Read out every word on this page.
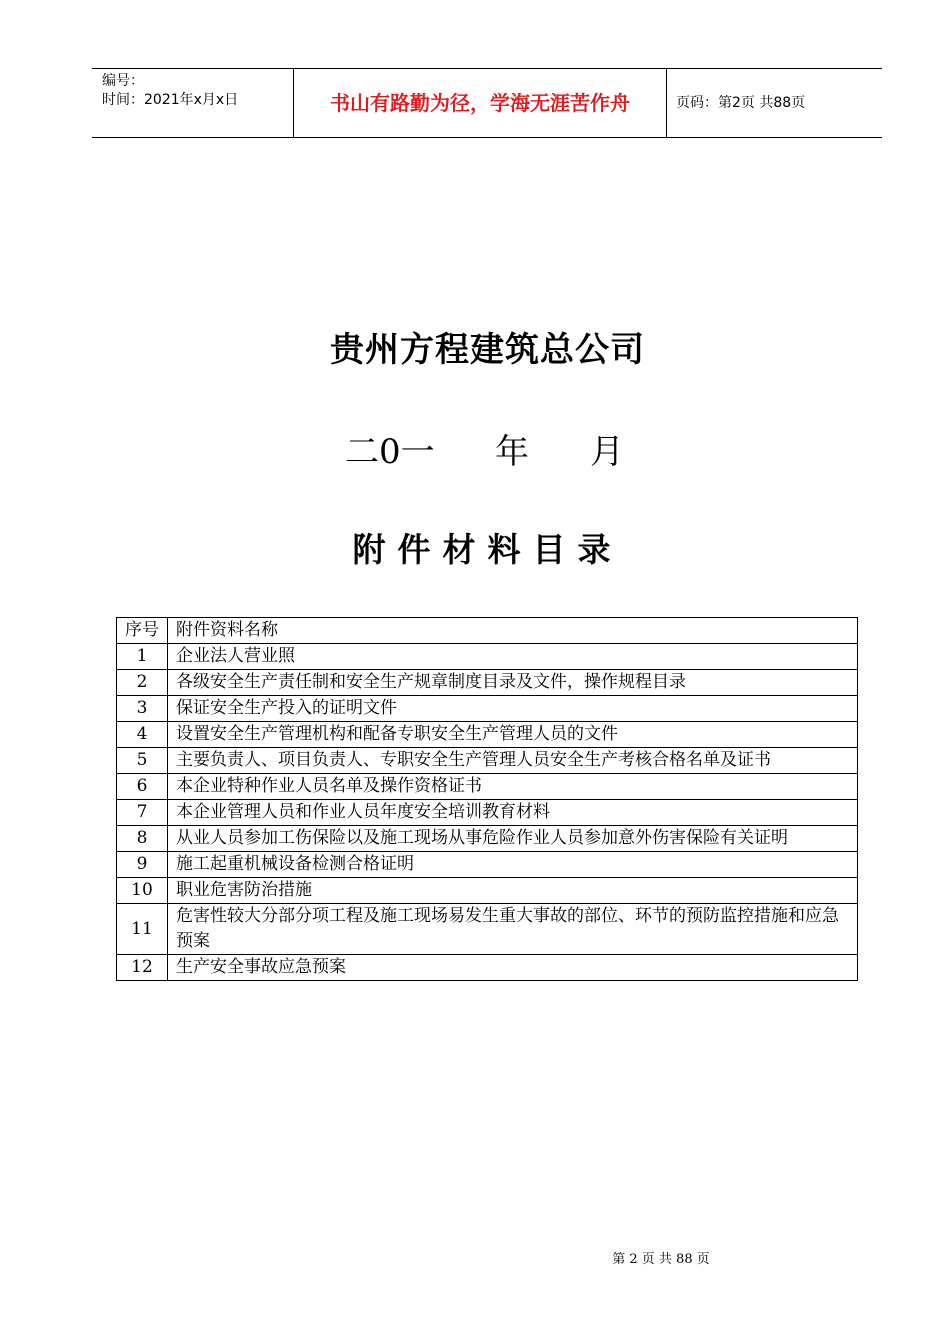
编号：
时间：2021年x月x日	书山有路勤为径，学海无涯苦作舟	页码：第2页 共88页
贵州方程建筑总公司
二0一 年 月
附件材料目录
序号	附件资料名称
1	企业法人营业照
2	各级安全生产责任制和安全生产规章制度目录及文件，操作规程目录
3	保证安全生产投入的证明文件
4	设置安全生产管理机构和配备专职安全生产管理人员的文件
5	主要负责人、项目负责人、专职安全生产管理人员安全生产考核合格名单及证书
6	本企业特种作业人员名单及操作资格证书
7	本企业管理人员和作业人员年度安全培训教育材料
8	从业人员参加工伤保险以及施工现场从事危险作业人员参加意外伤害保险有关证明
9	施工起重机械设备检测合格证明
10	职业危害防治措施
11	危害性较大分部分项工程及施工现场易发生重大事故的部位、环节的预防监控措施和应急预案
12	生产安全事故应急预案
第 2 页 共 88 页
